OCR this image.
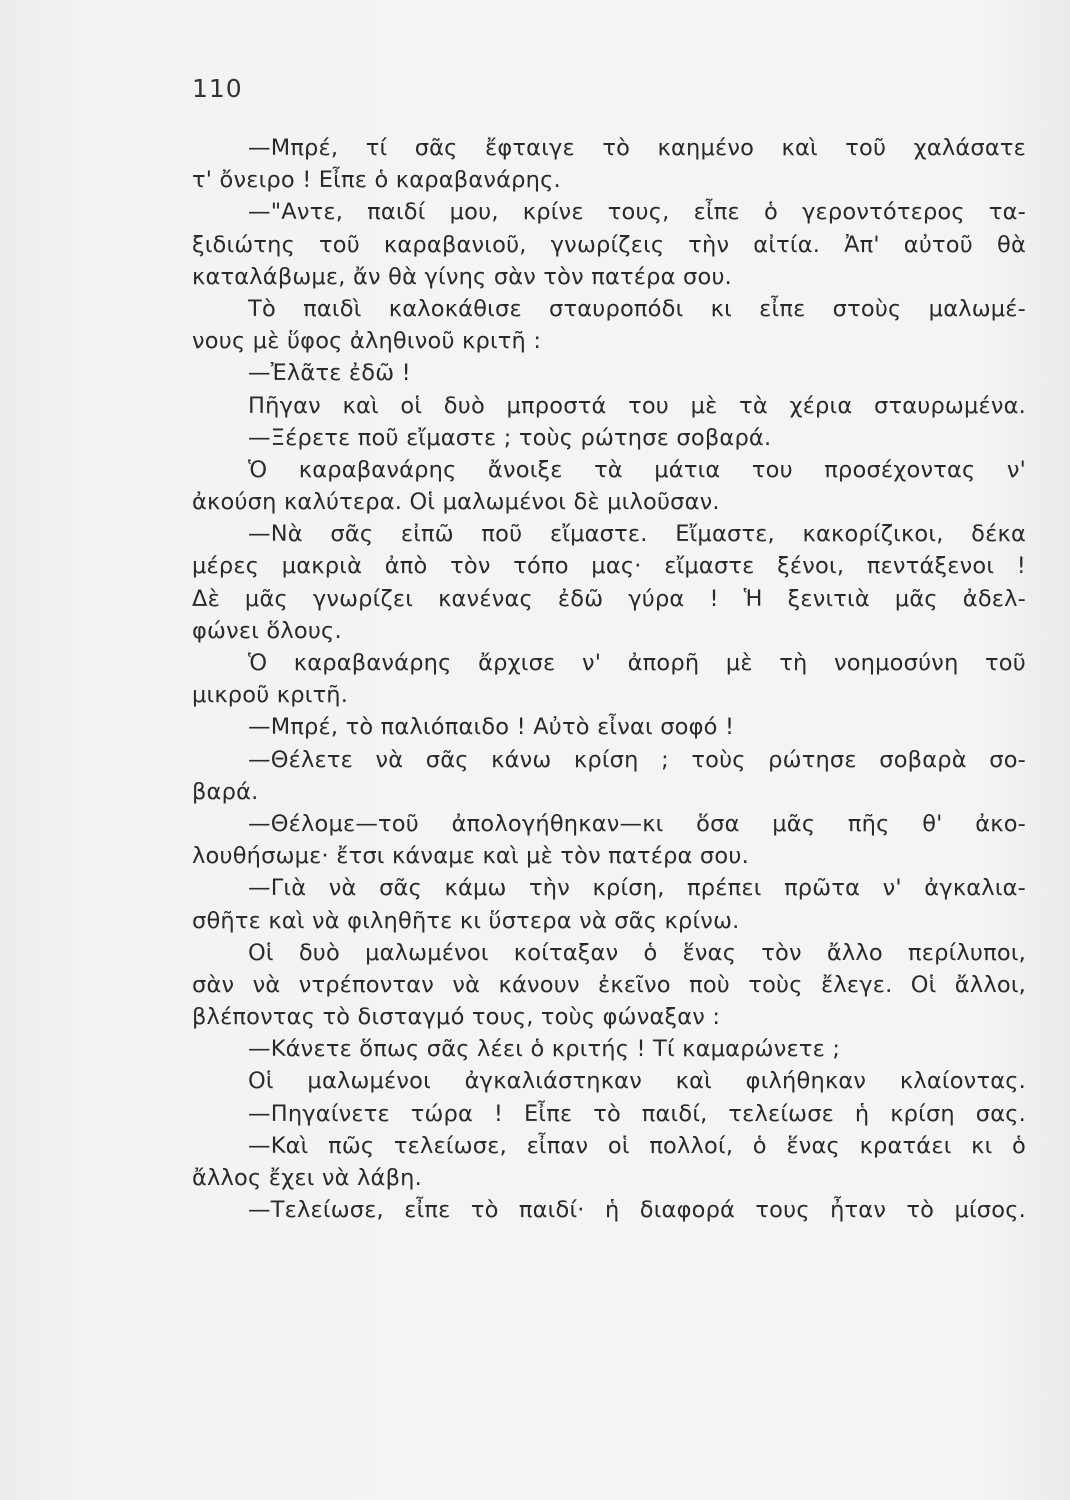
110
—Μπρέ, τί σᾶς ἔφταιγε τὸ καημένο καὶ τοῦ χαλάσατε
τ' ὄνειρο ! Εἶπε ὁ καραβανάρης.
—"Αντε, παιδί μου, κρίνε τους, εἶπε ὁ γεροντότερος τα-
ξιδιώτης τοῦ καραβανιοῦ, γνωρίζεις τὴν αἰτία. Ἀπ' αὐτοῦ θὰ
καταλάβωμε, ἄν θὰ γίνης σὰν τὸν πατέρα σου.
Τὸ παιδὶ καλοκάθισε σταυροπόδι κι εἶπε στοὺς μαλωμέ-
νους μὲ ὕφος ἀληθινοῦ κριτῆ :
—Ἐλᾶτε ἐδῶ !
Πῆγαν καὶ οἱ δυὸ μπροστά του μὲ τὰ χέρια σταυρωμένα.
—Ξέρετε ποῦ εἴμαστε ; τοὺς ρώτησε σοβαρά.
Ὁ καραβανάρης ἄνοιξε τὰ μάτια του προσέχοντας ν'
ἀκούση καλύτερα. Οἱ μαλωμένοι δὲ μιλοῦσαν.
—Νὰ σᾶς εἰπῶ ποῦ εἴμαστε. Εἴμαστε, κακορίζικοι, δέκα
μέρες μακριὰ ἀπὸ τὸν τόπο μας· εἴμαστε ξένοι, πεντάξενοι !
Δὲ μᾶς γνωρίζει κανένας ἐδῶ γύρα ! Ἡ ξενιτιὰ μᾶς ἀδελ-
φώνει ὅλους.
Ὁ καραβανάρης ἄρχισε ν' ἀπορῆ μὲ τὴ νοημοσύνη τοῦ
μικροῦ κριτῆ.
—Μπρέ, τὸ παλιόπαιδο ! Αὐτὸ εἶναι σοφό !
—Θέλετε νὰ σᾶς κάνω κρίση ; τοὺς ρώτησε σοβαρὰ σο-
βαρά.
—Θέλομε—τοῦ ἀπολογήθηκαν—κι ὅσα μᾶς πῆς θ' ἀκο-
λουθήσωμε· ἔτσι κάναμε καὶ μὲ τὸν πατέρα σου.
—Γιὰ νὰ σᾶς κάμω τὴν κρίση, πρέπει πρῶτα ν' ἀγκαλια-
σθῆτε καὶ νὰ φιληθῆτε κι ὕστερα νὰ σᾶς κρίνω.
Οἱ δυὸ μαλωμένοι κοίταξαν ὁ ἕνας τὸν ἄλλο περίλυποι,
σὰν νὰ ντρέπονταν νὰ κάνουν ἐκεῖνο ποὺ τοὺς ἔλεγε. Οἱ ἄλλοι,
βλέποντας τὸ δισταγμό τους, τοὺς φώναξαν :
—Κάνετε ὅπως σᾶς λέει ὁ κριτής ! Τί καμαρώνετε ;
Οἱ μαλωμένοι ἀγκαλιάστηκαν καὶ φιλήθηκαν κλαίοντας.
—Πηγαίνετε τώρα ! Εἶπε τὸ παιδί, τελείωσε ἡ κρίση σας.
—Καὶ πῶς τελείωσε, εἶπαν οἱ πολλοί, ὁ ἕνας κρατάει κι ὁ
ἄλλος ἔχει νὰ λάβη.
—Τελείωσε, εἶπε τὸ παιδί· ἡ διαφορά τους ἦταν τὸ μίσος.
